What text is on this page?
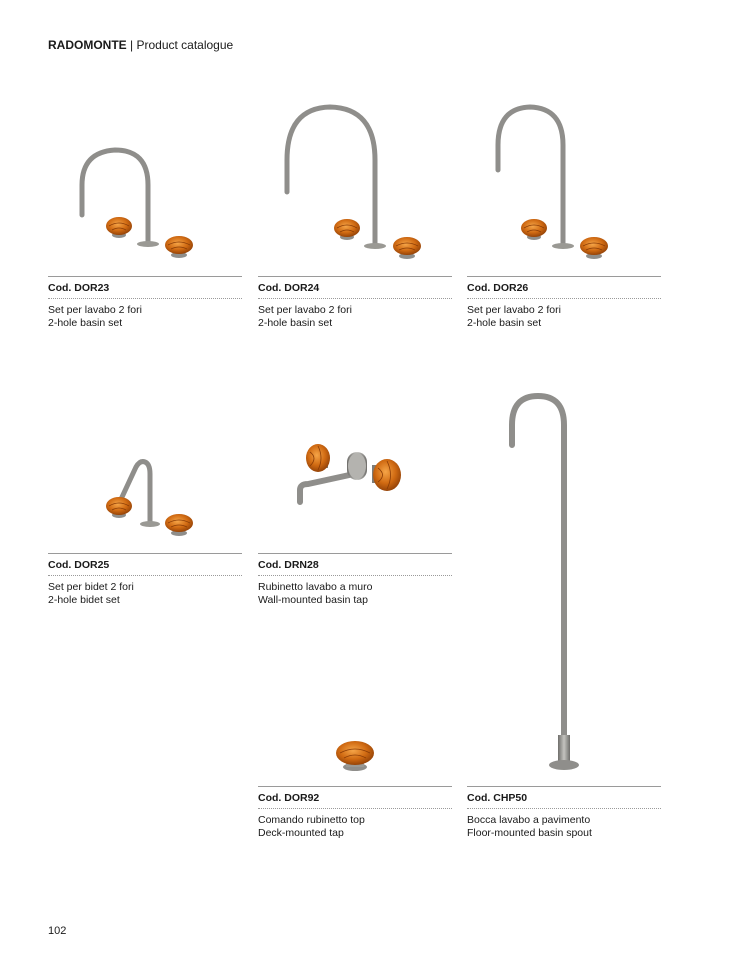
RADOMONTE | Product catalogue
Cod. DOR23
Set per lavabo 2 fori
2-hole basin set
Cod. DOR24
Set per lavabo 2 fori
2-hole basin set
Cod. DOR26
Set per lavabo 2 fori
2-hole basin set
Cod. DOR25
Set per bidet 2 fori
2-hole bidet set
Cod. DRN28
Rubinetto lavabo a muro
Wall-mounted basin tap
Cod. DOR92
Comando rubinetto top
Deck-mounted tap
Cod. CHP50
Bocca lavabo a pavimento
Floor-mounted basin spout
102
